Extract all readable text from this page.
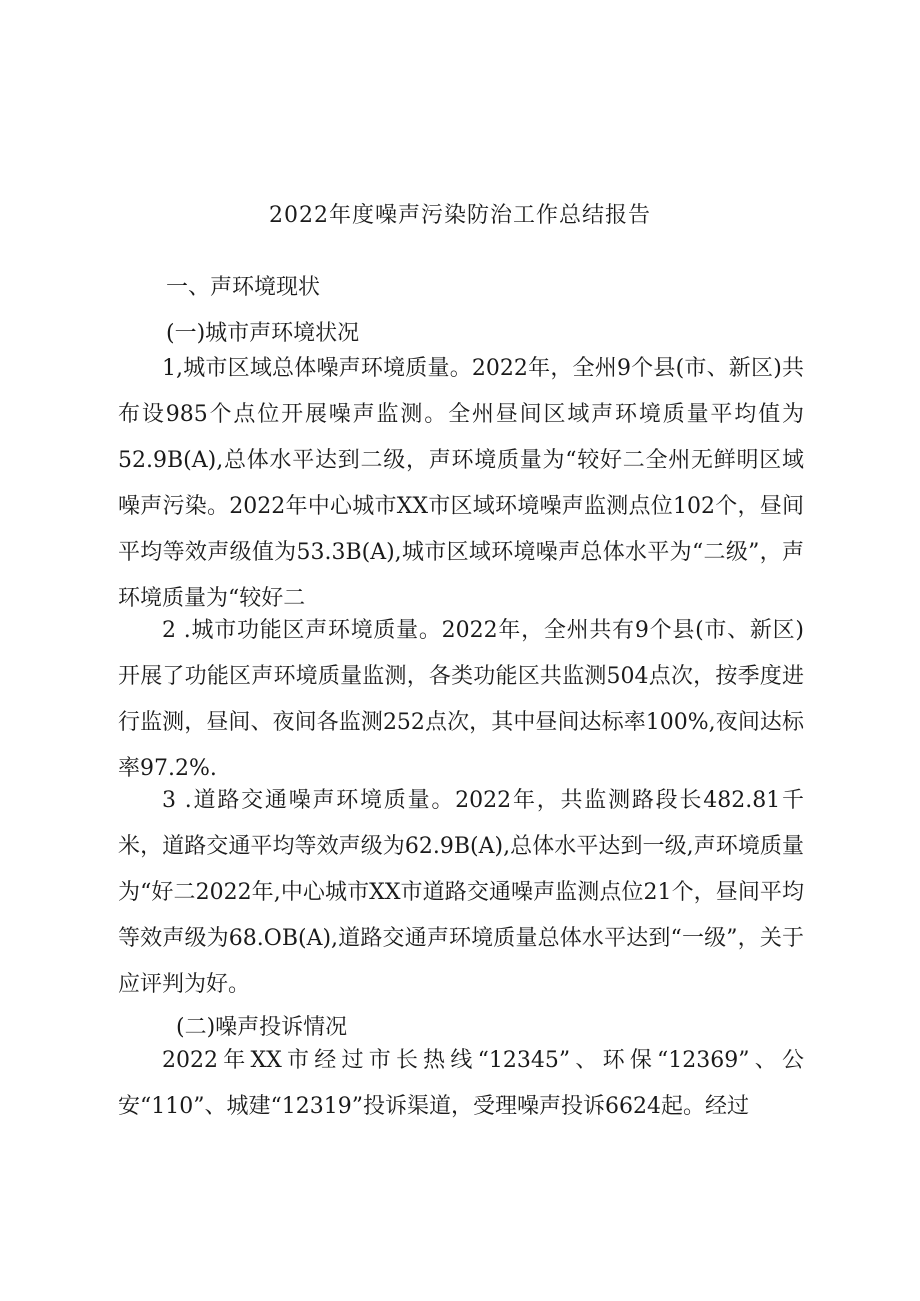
2022年度噪声污染防治工作总结报告
一、声环境现状
(一)城市声环境状况
1,城市区域总体噪声环境质量。2022年，全州9个县(市、新区)共布设985个点位开展噪声监测。全州昼间区域声环境质量平均值为52.9B(A),总体水平达到二级，声环境质量为“较好二全州无鲜明区域噪声污染。2022年中心城市XX市区域环境噪声监测点位102个，昼间平均等效声级值为53.3B(A),城市区域环境噪声总体水平为“二级”，声环境质量为“较好二
2 .城市功能区声环境质量。2022年，全州共有9个县(市、新区)开展了功能区声环境质量监测，各类功能区共监测504点次，按季度进行监测，昼间、夜间各监测252点次，其中昼间达标率100%,夜间达标率97.2%.
3 .道路交通噪声环境质量。2022年，共监测路段长482.81千米，道路交通平均等效声级为62.9B(A),总体水平达到一级,声环境质量为“好二2022年,中心城市XX市道路交通噪声监测点位21个，昼间平均等效声级为68.OB(A),道路交通声环境质量总体水平达到“一级”，关于应评判为好。
(二)噪声投诉情况
2022年XX市经过市长热线“12345”、环保“12369”、公安“110”、城建“12319”投诉渠道，受理噪声投诉6624起。经过
